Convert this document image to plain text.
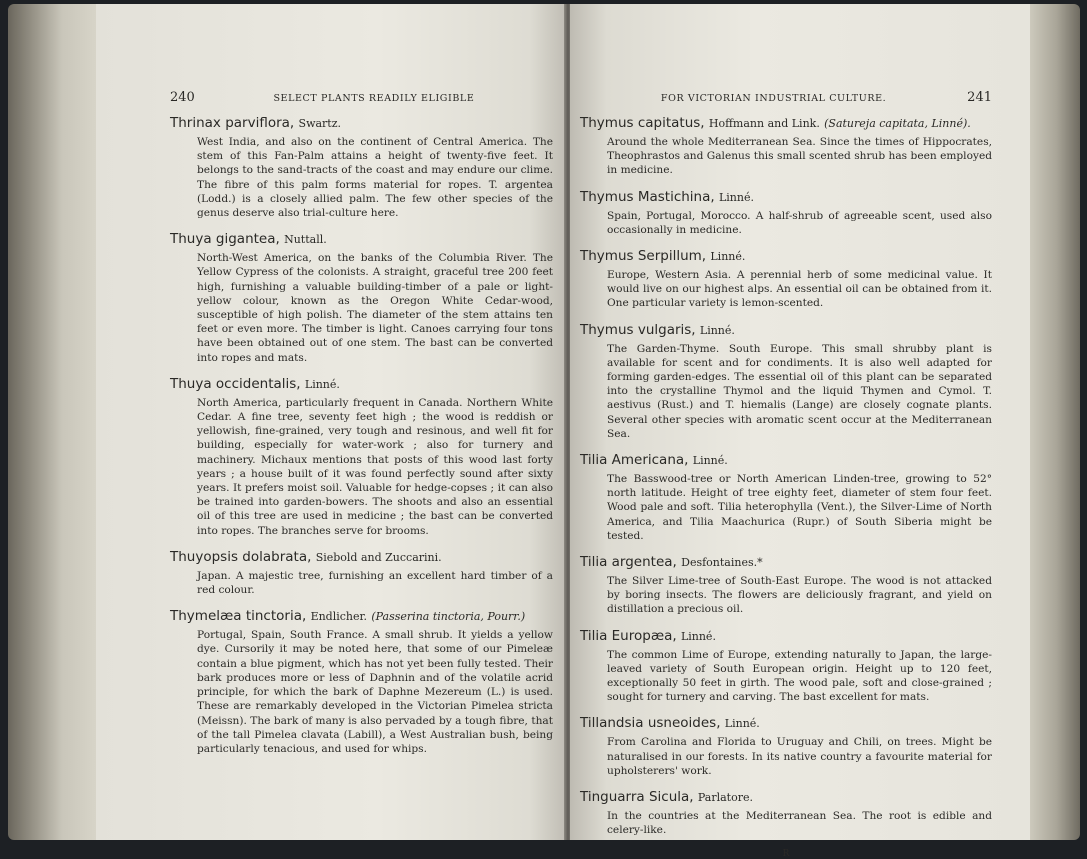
240	SELECT PLANTS READILY ELIGIBLE
Thrinax parviflora, Swartz.
West India, and also on the continent of Central America. The stem of this Fan-Palm attains a height of twenty-five feet. It belongs to the sand-tracts of the coast and may endure our clime. The fibre of this palm forms material for ropes. T. argentea (Lodd.) is a closely allied palm. The few other species of the genus deserve also trial-culture here.
Thuya gigantea, Nuttall.
North-West America, on the banks of the Columbia River. The Yellow Cypress of the colonists. A straight, graceful tree 200 feet high, furnishing a valuable building-timber of a pale or light-yellow colour, known as the Oregon White Cedar-wood, susceptible of high polish. The diameter of the stem attains ten feet or even more. The timber is light. Canoes carrying four tons have been obtained out of one stem. The bast can be converted into ropes and mats.
Thuya occidentalis, Linné.
North America, particularly frequent in Canada. Northern White Cedar. A fine tree, seventy feet high ; the wood is reddish or yellowish, fine-grained, very tough and resinous, and well fit for building, especially for water-work ; also for turnery and machinery. Michaux mentions that posts of this wood last forty years ; a house built of it was found perfectly sound after sixty years. It prefers moist soil. Valuable for hedge-copses ; it can also be trained into garden-bowers. The shoots and also an essential oil of this tree are used in medicine ; the bast can be converted into ropes. The branches serve for brooms.
Thuyopsis dolabrata, Siebold and Zuccarini.
Japan. A majestic tree, furnishing an excellent hard timber of a red colour.
Thymelæa tinctoria, Endlicher. (Passerina tinctoria, Pourr.)
Portugal, Spain, South France. A small shrub. It yields a yellow dye. Cursorily it may be noted here, that some of our Pimeleæ contain a blue pigment, which has not yet been fully tested. Their bark produces more or less of Daphnin and of the volatile acrid principle, for which the bark of Daphne Mezereum (L.) is used. These are remarkably developed in the Victorian Pimelea stricta (Meissn). The bark of many is also pervaded by a tough fibre, that of the tall Pimelea clavata (Labill), a West Australian bush, being particularly tenacious, and used for whips.
FOR VICTORIAN INDUSTRIAL CULTURE.	241
Thymus capitatus, Hoffmann and Link. (Satureja capitata, Linné).
Around the whole Mediterranean Sea. Since the times of Hippocrates, Theophrastos and Galenus this small scented shrub has been employed in medicine.
Thymus Mastichina, Linné.
Spain, Portugal, Morocco. A half-shrub of agreeable scent, used also occasionally in medicine.
Thymus Serpillum, Linné.
Europe, Western Asia. A perennial herb of some medicinal value. It would live on our highest alps. An essential oil can be obtained from it. One particular variety is lemon-scented.
Thymus vulgaris, Linné.
The Garden-Thyme. South Europe. This small shrubby plant is available for scent and for condiments. It is also well adapted for forming garden-edges. The essential oil of this plant can be separated into the crystalline Thymol and the liquid Thymen and Cymol. T. aestivus (Rust.) and T. hiemalis (Lange) are closely cognate plants. Several other species with aromatic scent occur at the Mediterranean Sea.
Tilia Americana, Linné.
The Basswood-tree or North American Linden-tree, growing to 52° north latitude. Height of tree eighty feet, diameter of stem four feet. Wood pale and soft. Tilia heterophylla (Vent.), the Silver-Lime of North America, and Tilia Maachurica (Rupr.) of South Siberia might be tested.
Tilia argentea, Desfontaines.*
The Silver Lime-tree of South-East Europe. The wood is not attacked by boring insects. The flowers are deliciously fragrant, and yield on distillation a precious oil.
Tilia Europæa, Linné.
The common Lime of Europe, extending naturally to Japan, the large-leaved variety of South European origin. Height up to 120 feet, exceptionally 50 feet in girth. The wood pale, soft and close-grained ; sought for turnery and carving. The bast excellent for mats.
Tillandsia usneoides, Linné.
From Carolina and Florida to Uruguay and Chili, on trees. Might be naturalised in our forests. In its native country a favourite material for upholsterers' work.
Tinguarra Sicula, Parlatore.
In the countries at the Mediterranean Sea. The root is edible and celery-like.
R
